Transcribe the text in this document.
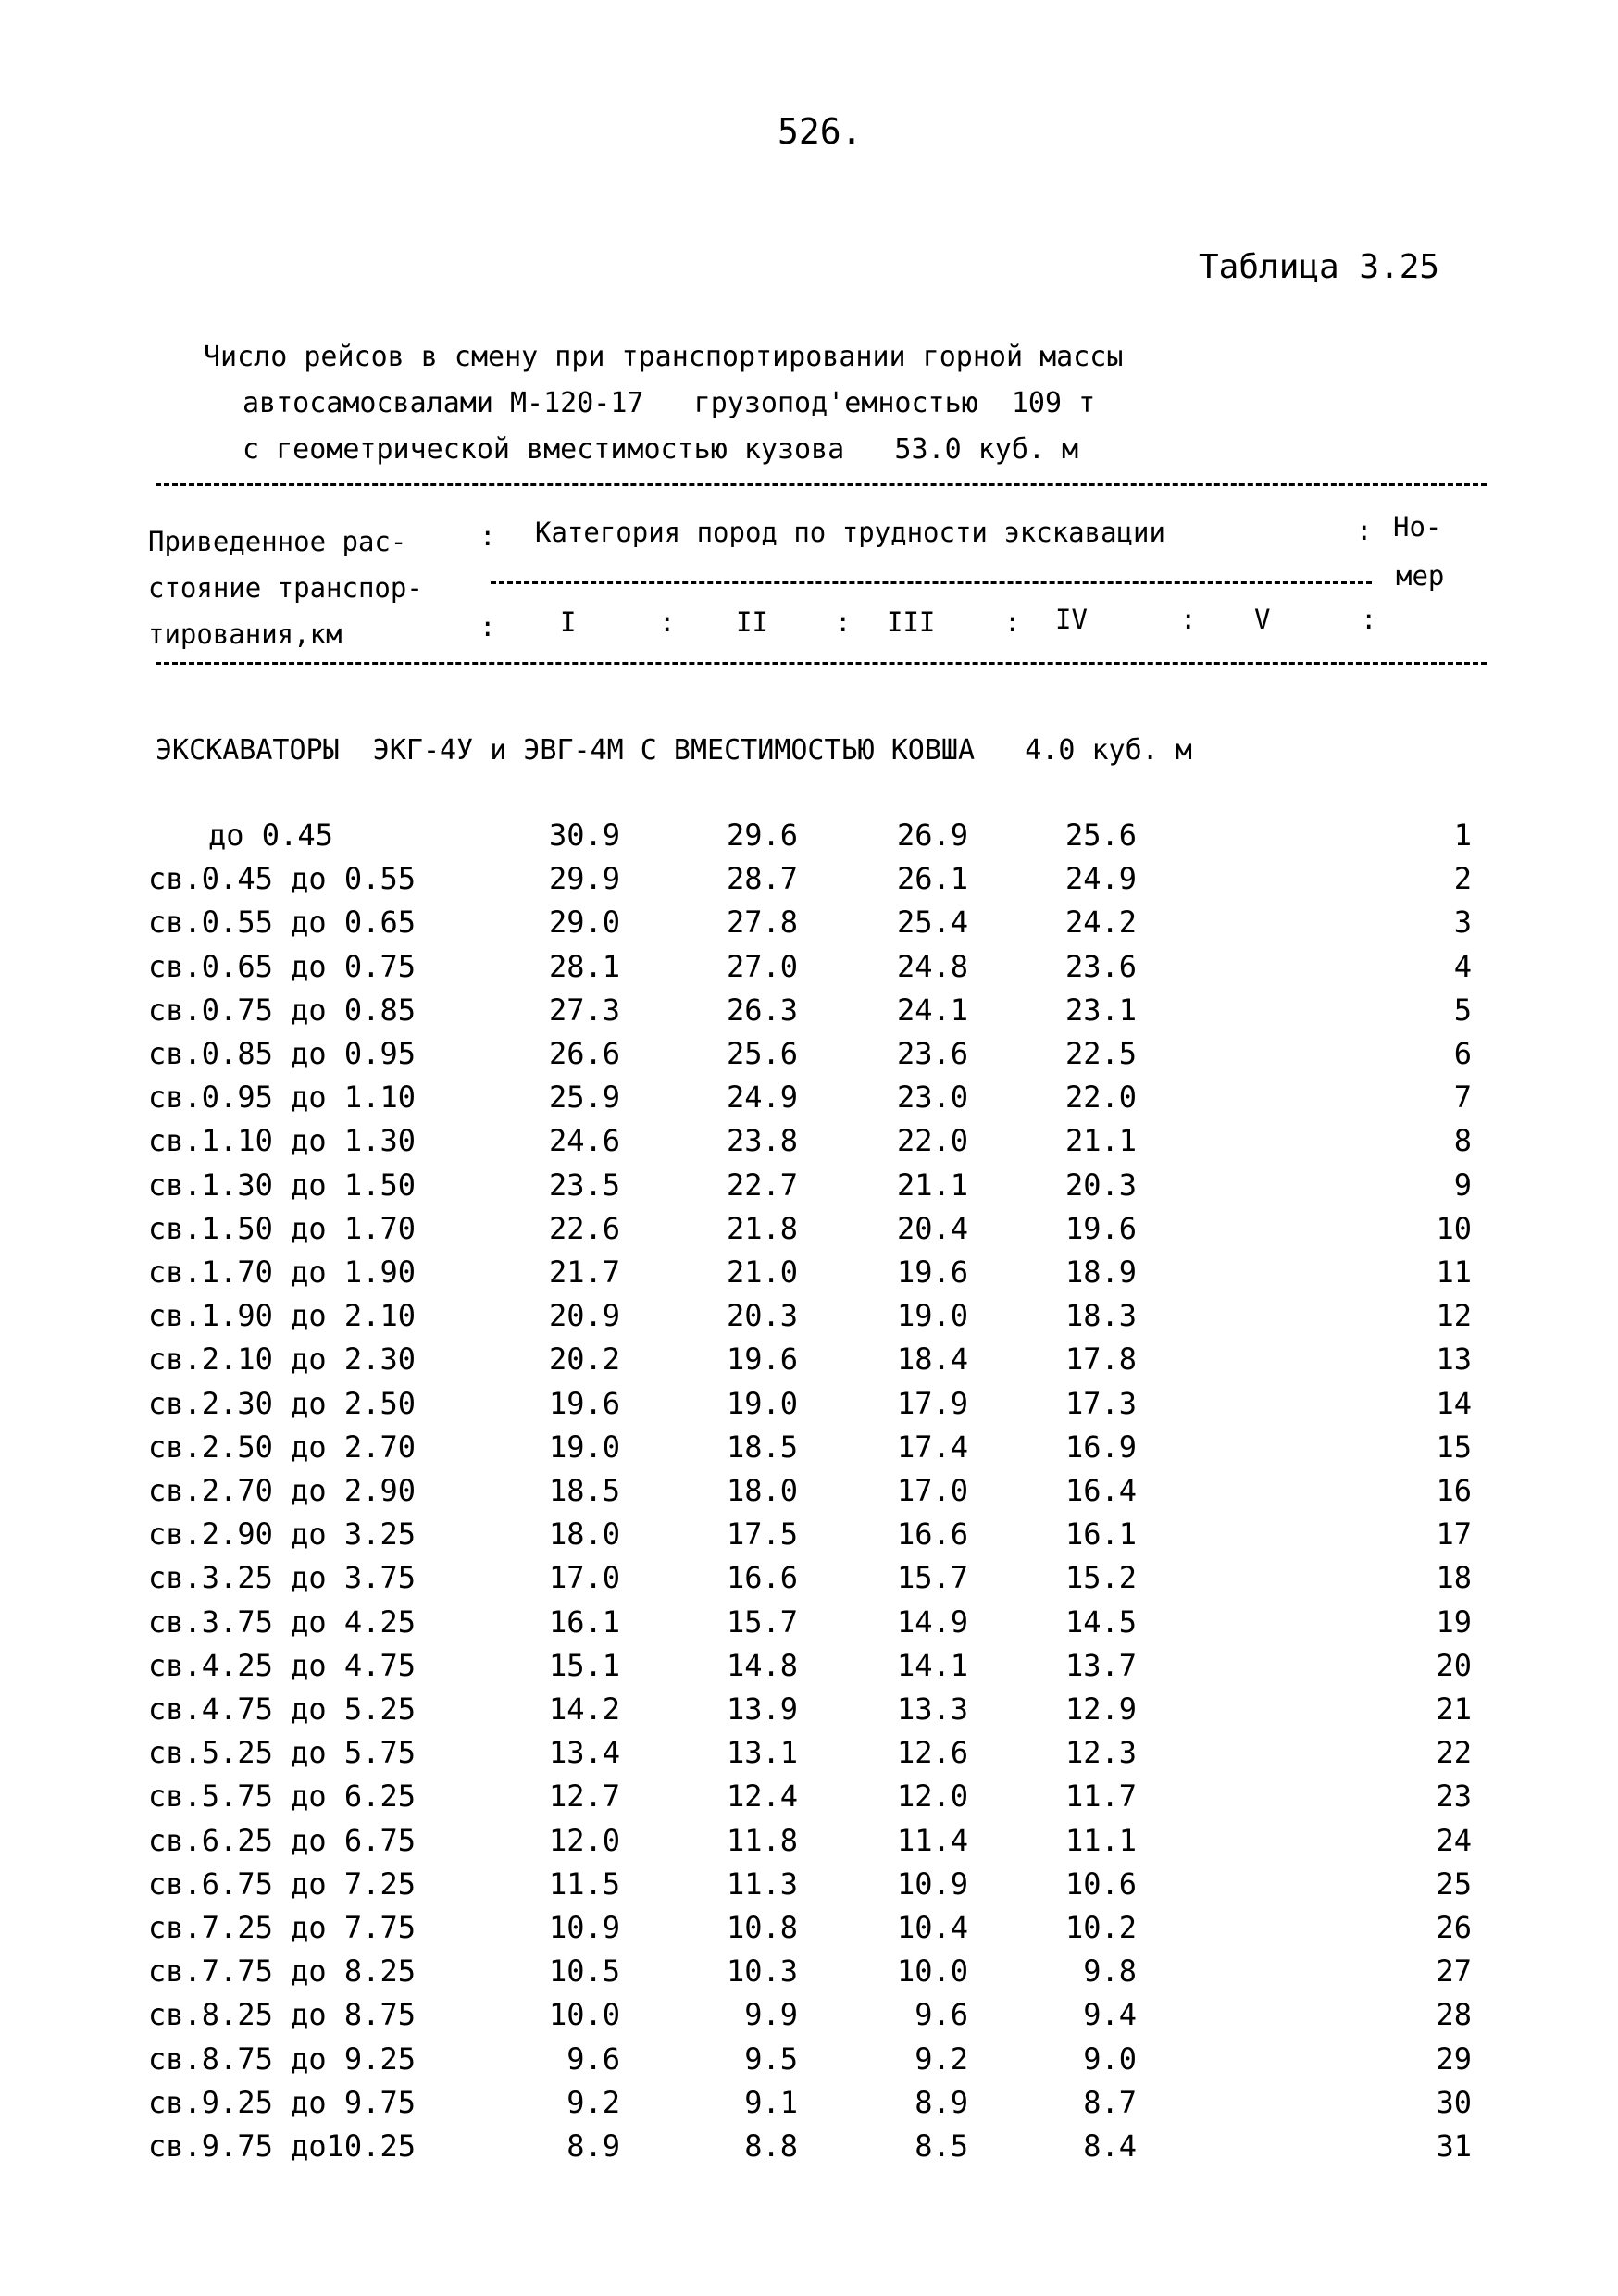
526.
Таблица 3.25
Число рейсов в смену при транспортировании горной массы
автосамосвалами М-120-17   грузопод'емностью  109 т
с геометрической вместимостью кузова   53.0 куб. м
Приведенное рас-
стояние транспор-
тирования,км
: Категория пород по трудности экскавации	: Но-
мер
: I	: II : III	: IV	: V	:
ЭКСКАВАТОРЫ  ЭКГ-4У и ЭВГ-4М С ВМЕСТИМОСТЬЮ КОВША   4.0 куб. м
до 0.45	30.9	29.6	26.9	25.6	1
св.0.45 до 0.55	29.9	28.7	26.1	24.9	2
св.0.55 до 0.65	29.0	27.8	25.4	24.2	3
св.0.65 до 0.75	28.1	27.0	24.8	23.6	4
св.0.75 до 0.85	27.3	26.3	24.1	23.1	5
св.0.85 до 0.95	26.6	25.6	23.6	22.5	6
св.0.95 до 1.10	25.9	24.9	23.0	22.0	7
св.1.10 до 1.30	24.6	23.8	22.0	21.1	8
св.1.30 до 1.50	23.5	22.7	21.1	20.3	9
св.1.50 до 1.70	22.6	21.8	20.4	19.6	10
св.1.70 до 1.90	21.7	21.0	19.6	18.9	11
св.1.90 до 2.10	20.9	20.3	19.0	18.3	12
св.2.10 до 2.30	20.2	19.6	18.4	17.8	13
св.2.30 до 2.50	19.6	19.0	17.9	17.3	14
св.2.50 до 2.70	19.0	18.5	17.4	16.9	15
св.2.70 до 2.90	18.5	18.0	17.0	16.4	16
св.2.90 до 3.25	18.0	17.5	16.6	16.1	17
св.3.25 до 3.75	17.0	16.6	15.7	15.2	18
св.3.75 до 4.25	16.1	15.7	14.9	14.5	19
св.4.25 до 4.75	15.1	14.8	14.1	13.7	20
св.4.75 до 5.25	14.2	13.9	13.3	12.9	21
св.5.25 до 5.75	13.4	13.1	12.6	12.3	22
св.5.75 до 6.25	12.7	12.4	12.0	11.7	23
св.6.25 до 6.75	12.0	11.8	11.4	11.1	24
св.6.75 до 7.25	11.5	11.3	10.9	10.6	25
св.7.25 до 7.75	10.9	10.8	10.4	10.2	26
св.7.75 до 8.25	10.5	10.3	10.0	9.8	27
св.8.25 до 8.75	10.0	9.9	9.6	9.4	28
св.8.75 до 9.25	9.6	9.5	9.2	9.0	29
св.9.25 до 9.75	9.2	9.1	8.9	8.7	30
св.9.75 до10.25	8.9	8.8	8.5	8.4	31
